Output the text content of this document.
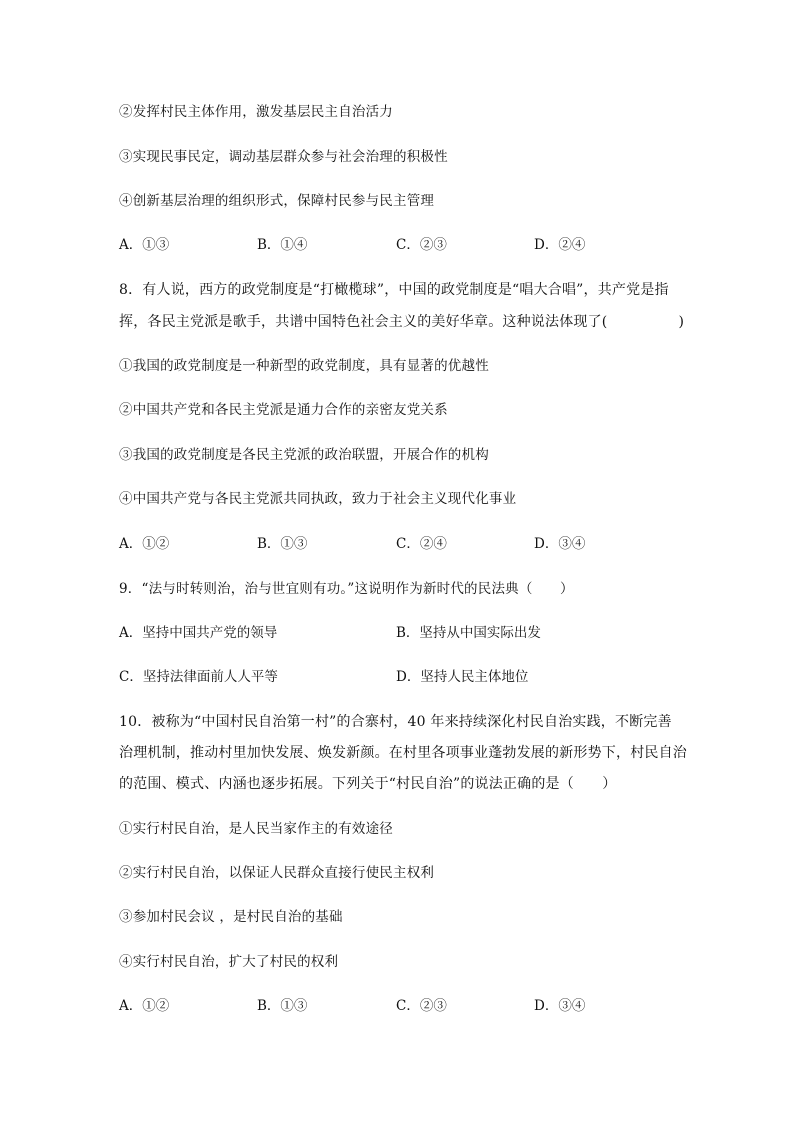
②发挥村民主体作用，激发基层民主自治活力
③实现民事民定，调动基层群众参与社会治理的积极性
④创新基层治理的组织形式，保障村民参与民主管理
A．①③	B．①④	C．②③	D．②④
8．有人说，西方的政党制度是“打橄榄球”，中国的政党制度是“唱大合唱”，共产党是指
挥，各民主党派是歌手，共谱中国特色社会主义的美好华章。这种说法体现了(　　　　　)
①我国的政党制度是一种新型的政党制度，具有显著的优越性
②中国共产党和各民主党派是通力合作的亲密友党关系
③我国的政党制度是各民主党派的政治联盟，开展合作的机构
④中国共产党与各民主党派共同执政，致力于社会主义现代化事业
A．①②	B．①③	C．②④	D．③④
9．“法与时转则治，治与世宜则有功。”这说明作为新时代的民法典（　　）
A．坚持中国共产党的领导	B．坚持从中国实际出发
C．坚持法律面前人人平等	D．坚持人民主体地位
10．被称为“中国村民自治第一村”的合寨村，40 年来持续深化村民自治实践，不断完善
治理机制，推动村里加快发展、焕发新颜。在村里各项事业蓬勃发展的新形势下，村民自治
的范围、模式、内涵也逐步拓展。下列关于“村民自治”的说法正确的是（　　）
①实行村民自治，是人民当家作主的有效途径
②实行村民自治，以保证人民群众直接行使民主权利
③参加村民会议 ，是村民自治的基础
④实行村民自治，扩大了村民的权利
A．①②	B．①③	C．②③	D．③④
